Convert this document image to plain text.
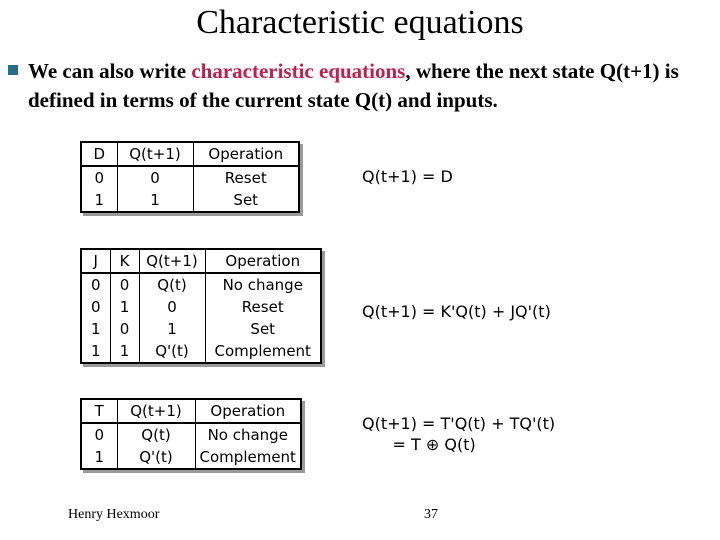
Characteristic equations
We can also write characteristic equations, where the next state Q(t+1) is defined in terms of the current state Q(t) and inputs.
D	Q(t+1)	Operation
0	0	Reset
1	1	Set
J	K	Q(t+1)	Operation
0	0	Q(t)	No change
0	1	0	Reset
1	0	1	Set
1	1	Q'(t)	Complement
T	Q(t+1)	Operation
0	Q(t)	No change
1	Q'(t)	Complement
Q(t+1) = D
Q(t+1) = K'Q(t) + JQ'(t)
Q(t+1) = T'Q(t) + TQ'(t)
= T ⊕ Q(t)
Henry Hexmoor	37
